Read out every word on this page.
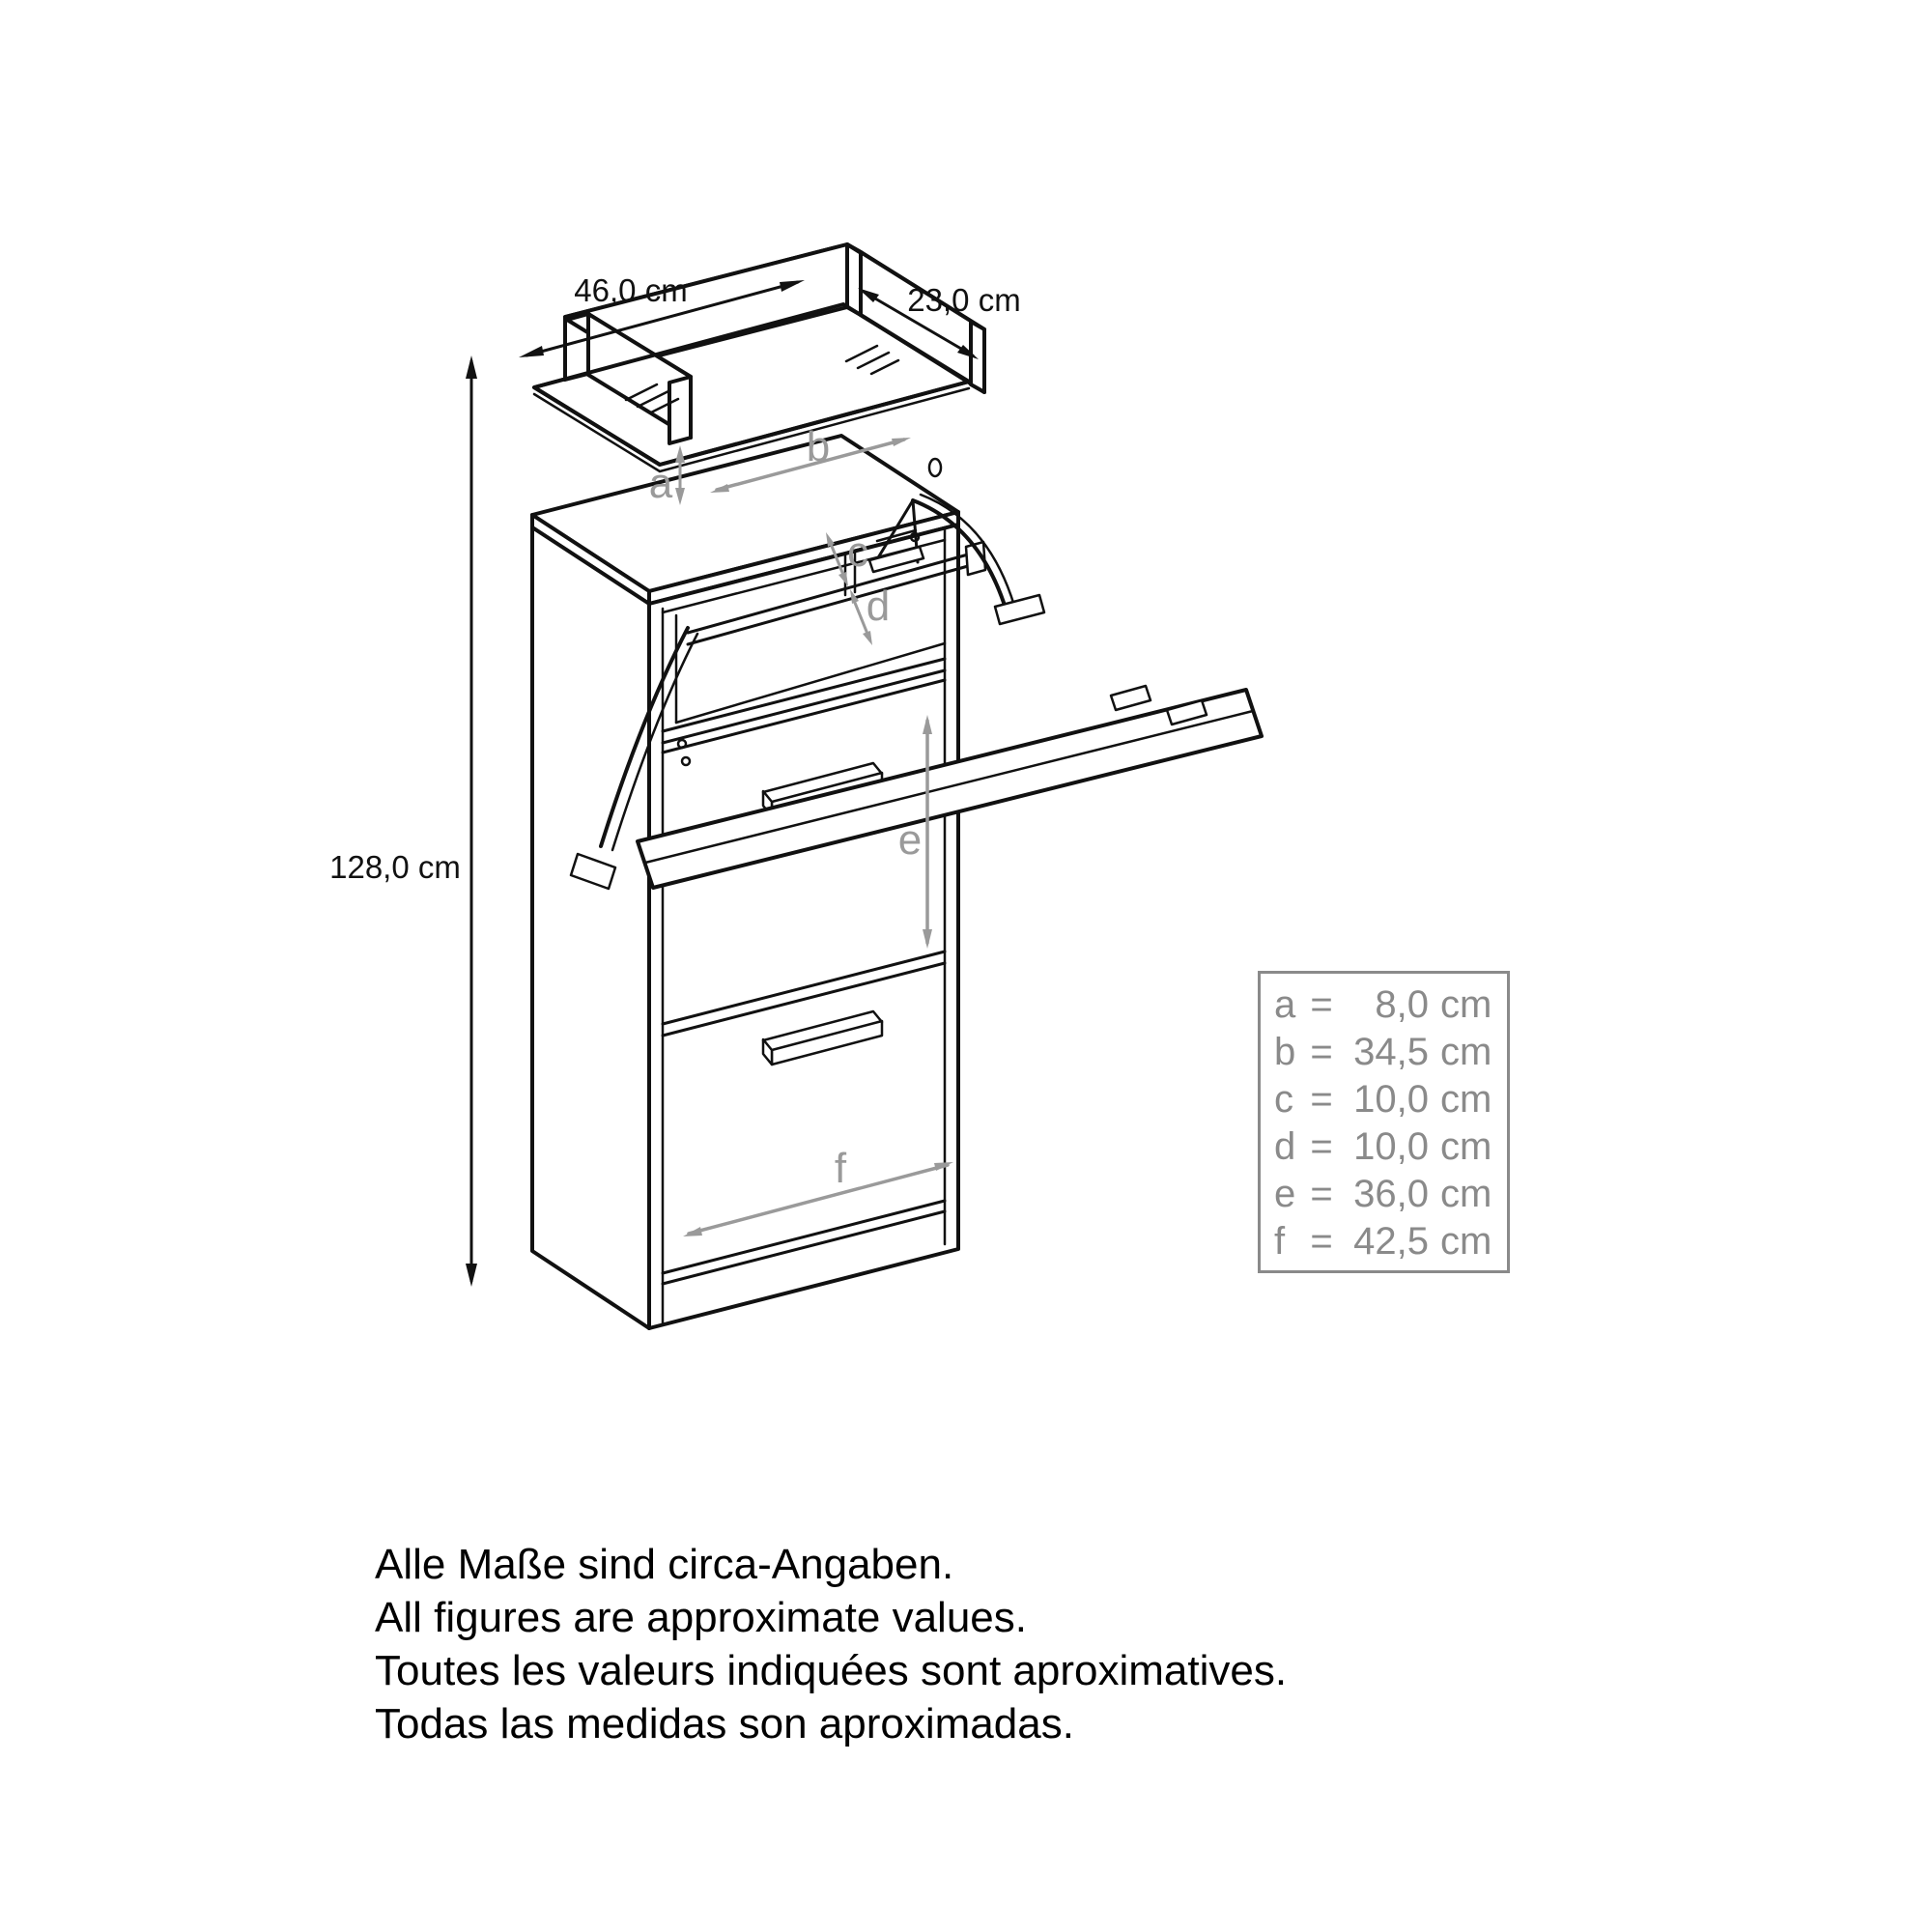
a
b
c
d
e
f
46,0 cm	23,0 cm
128,0 cm
a =	8,0 cm
b = 34,5 cm
c = 10,0 cm
d = 10,0 cm
e = 36,0 cm
f = 42,5 cm
Alle Maße sind circa-Angaben.
All figures are approximate values.
Toutes les valeurs indiquées sont aproximatives.
Todas las medidas son aproximadas.
